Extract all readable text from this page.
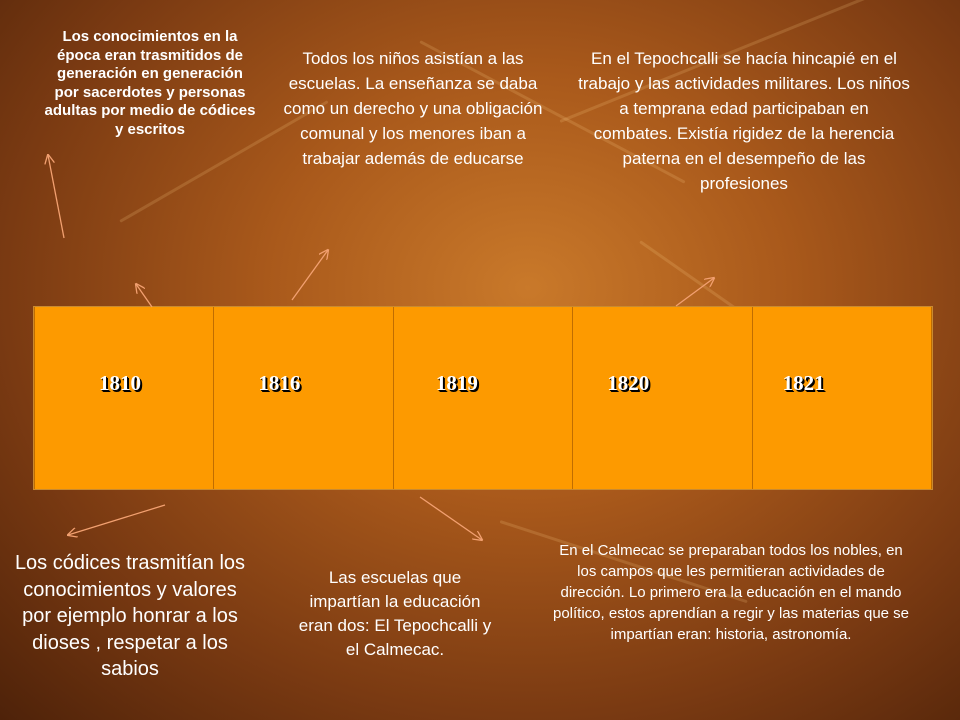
Los conocimientos en la época eran trasmitidos de generación en generación por sacerdotes y personas adultas por medio de códices y escritos

Todos los niños asistían a las escuelas. La enseñanza se daba como un derecho y una obligación comunal y los menores iban a trabajar además de educarse

En el Tepochcalli se hacía hincapié en el trabajo y las actividades militares. Los niños a temprana edad participaban en combates. Existía rigidez de la herencia paterna en el desempeño de las profesiones

1810	1816	1819	1820	1821

Los códices trasmitían los conocimientos y valores por ejemplo honrar a los dioses , respetar a los sabios

Las escuelas que impartían la educación eran dos: El Tepochcalli y el Calmecac.

En el Calmecac se preparaban todos los nobles, en los campos que les permitieran actividades de dirección. Lo primero era la educación en el mando político, estos aprendían a regir y las materias que se impartían eran: historia, astronomía.
